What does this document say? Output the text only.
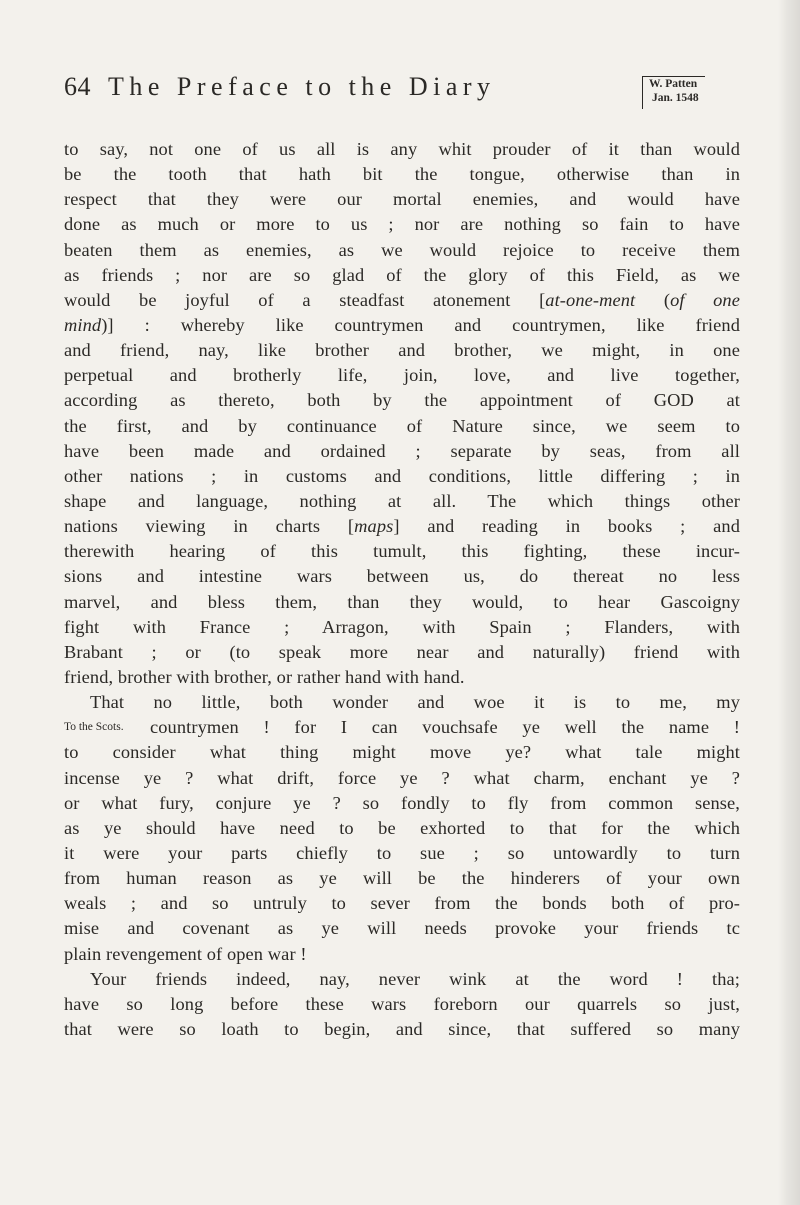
64 The Preface to the Diary	W. Patten
Jan. 1548
to say, not one of us all is any whit prouder of it than would
be the tooth that hath bit the tongue, otherwise than in
respect that they were our mortal enemies, and would have
done as much or more to us ; nor are nothing so fain to have
beaten them as enemies, as we would rejoice to receive them
as friends ; nor are so glad of the glory of this Field, as we
would be joyful of a steadfast atonement [at-one-ment (of one
mind)] : whereby like countrymen and countrymen, like friend
and friend, nay, like brother and brother, we might, in one
perpetual and brotherly life, join, love, and live together,
according as thereto, both by the appointment of GOD at
the first, and by continuance of Nature since, we seem to
have been made and ordained ; separate by seas, from all
other nations ; in customs and conditions, little differing ; in
shape and language, nothing at all. The which things other
nations viewing in charts [maps] and reading in books ; and
therewith hearing of this tumult, this fighting, these incur-
sions and intestine wars between us, do thereat no less
marvel, and bless them, than they would, to hear Gascoigny
fight with France ; Arragon, with Spain ; Flanders, with
Brabant ; or (to speak more near and naturally) friend with
friend, brother with brother, or rather hand with hand.
That no little, both wonder and woe it is to me, my
To the Scots. countrymen ! for I can vouchsafe ye well the name !
to consider what thing might move ye? what tale might
incense ye ? what drift, force ye ? what charm, enchant ye ?
or what fury, conjure ye ? so fondly to fly from common sense,
as ye should have need to be exhorted to that for the which
it were your parts chiefly to sue ; so untowardly to turn
from human reason as ye will be the hinderers of your own
weals ; and so untruly to sever from the bonds both of pro-
mise and covenant as ye will needs provoke your friends tc
plain revengement of open war !
Your friends indeed, nay, never wink at the word ! tha;
have so long before these wars foreborn our quarrels so just,
that were so loath to begin, and since, that suffered so many
